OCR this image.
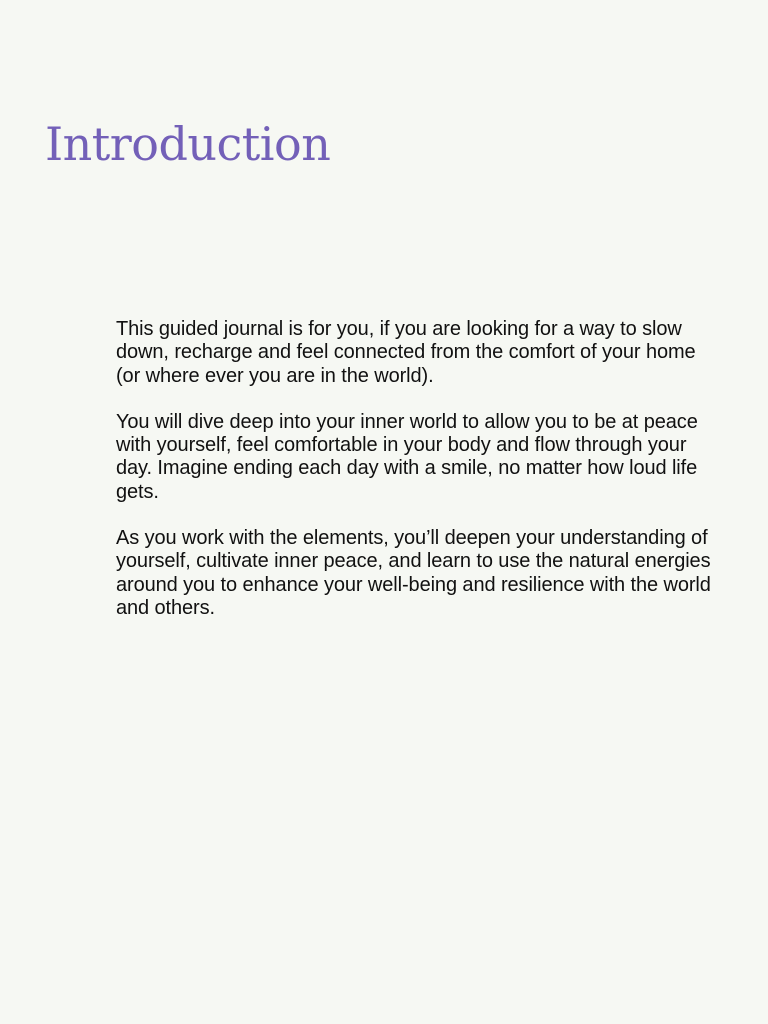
Introduction

This guided journal is for you, if you are looking for a way to slow down, recharge and feel connected from the comfort of your home (or where ever you are in the world).

You will dive deep into your inner world to allow you to be at peace with yourself, feel comfortable in your body and flow through your day. Imagine ending each day with a smile, no matter how loud life gets.

As you work with the elements, you’ll deepen your understanding of yourself, cultivate inner peace, and learn to use the natural energies around you to enhance your well-being and resilience with the world and others.
